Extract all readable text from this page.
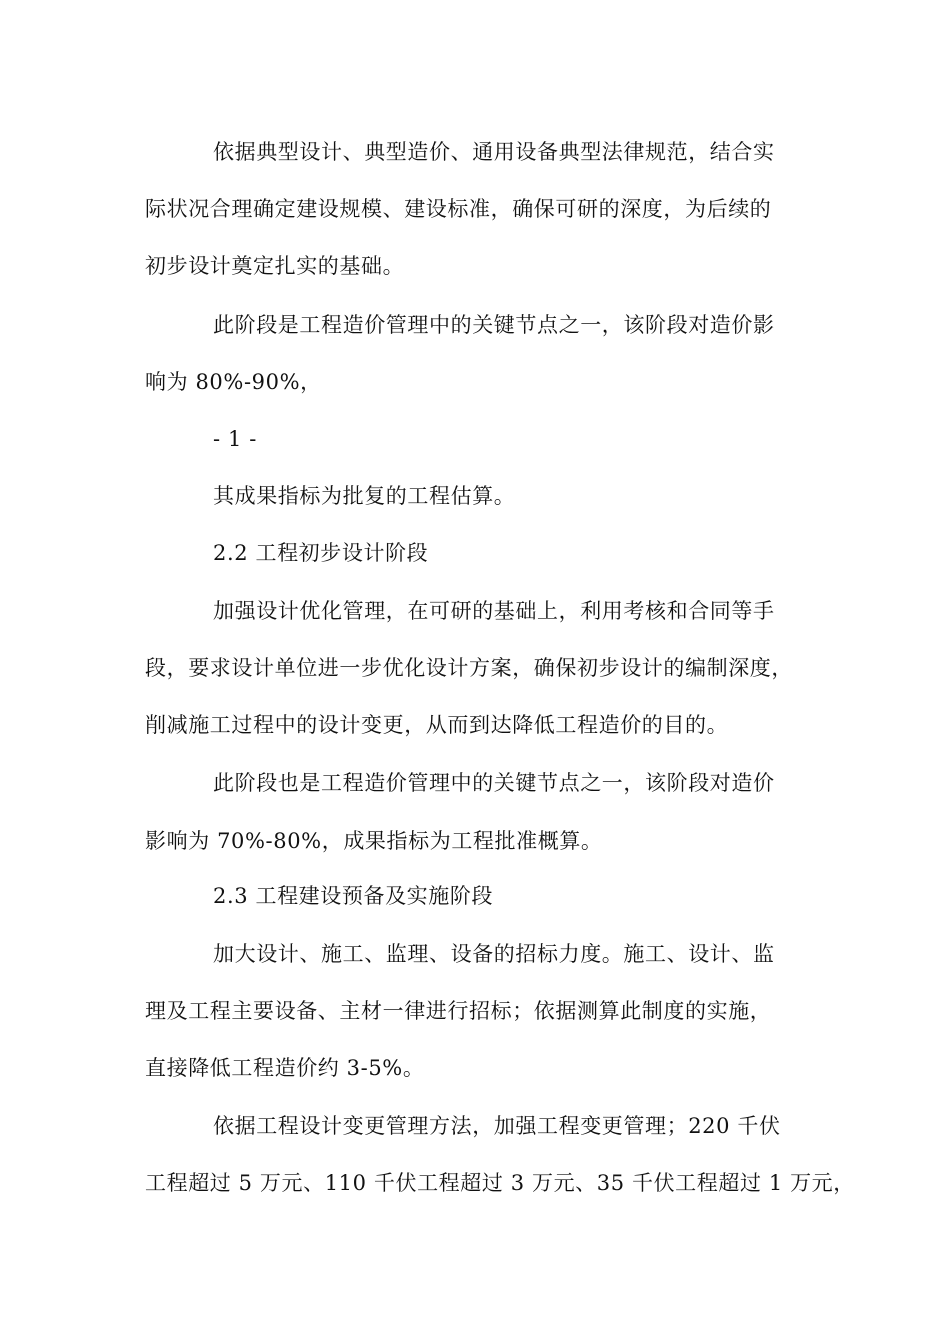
依据典型设计、典型造价、通用设备典型法律规范，结合实
际状况合理确定建设规模、建设标准，确保可研的深度，为后续的
初步设计奠定扎实的基础。
此阶段是工程造价管理中的关键节点之一，该阶段对造价影
响为 80%-90%，
- 1 -
其成果指标为批复的工程估算。
2.2 工程初步设计阶段
加强设计优化管理，在可研的基础上，利用考核和合同等手
段，要求设计单位进一步优化设计方案，确保初步设计的编制深度，
削减施工过程中的设计变更，从而到达降低工程造价的目的。
此阶段也是工程造价管理中的关键节点之一，该阶段对造价
影响为 70%-80%，成果指标为工程批准概算。
2.3 工程建设预备及实施阶段
加大设计、施工、监理、设备的招标力度。施工、设计、监
理及工程主要设备、主材一律进行招标；依据测算此制度的实施，
直接降低工程造价约 3-5%。
依据工程设计变更管理方法，加强工程变更管理；220 千伏
工程超过 5 万元、110 千伏工程超过 3 万元、35 千伏工程超过 1 万元，
